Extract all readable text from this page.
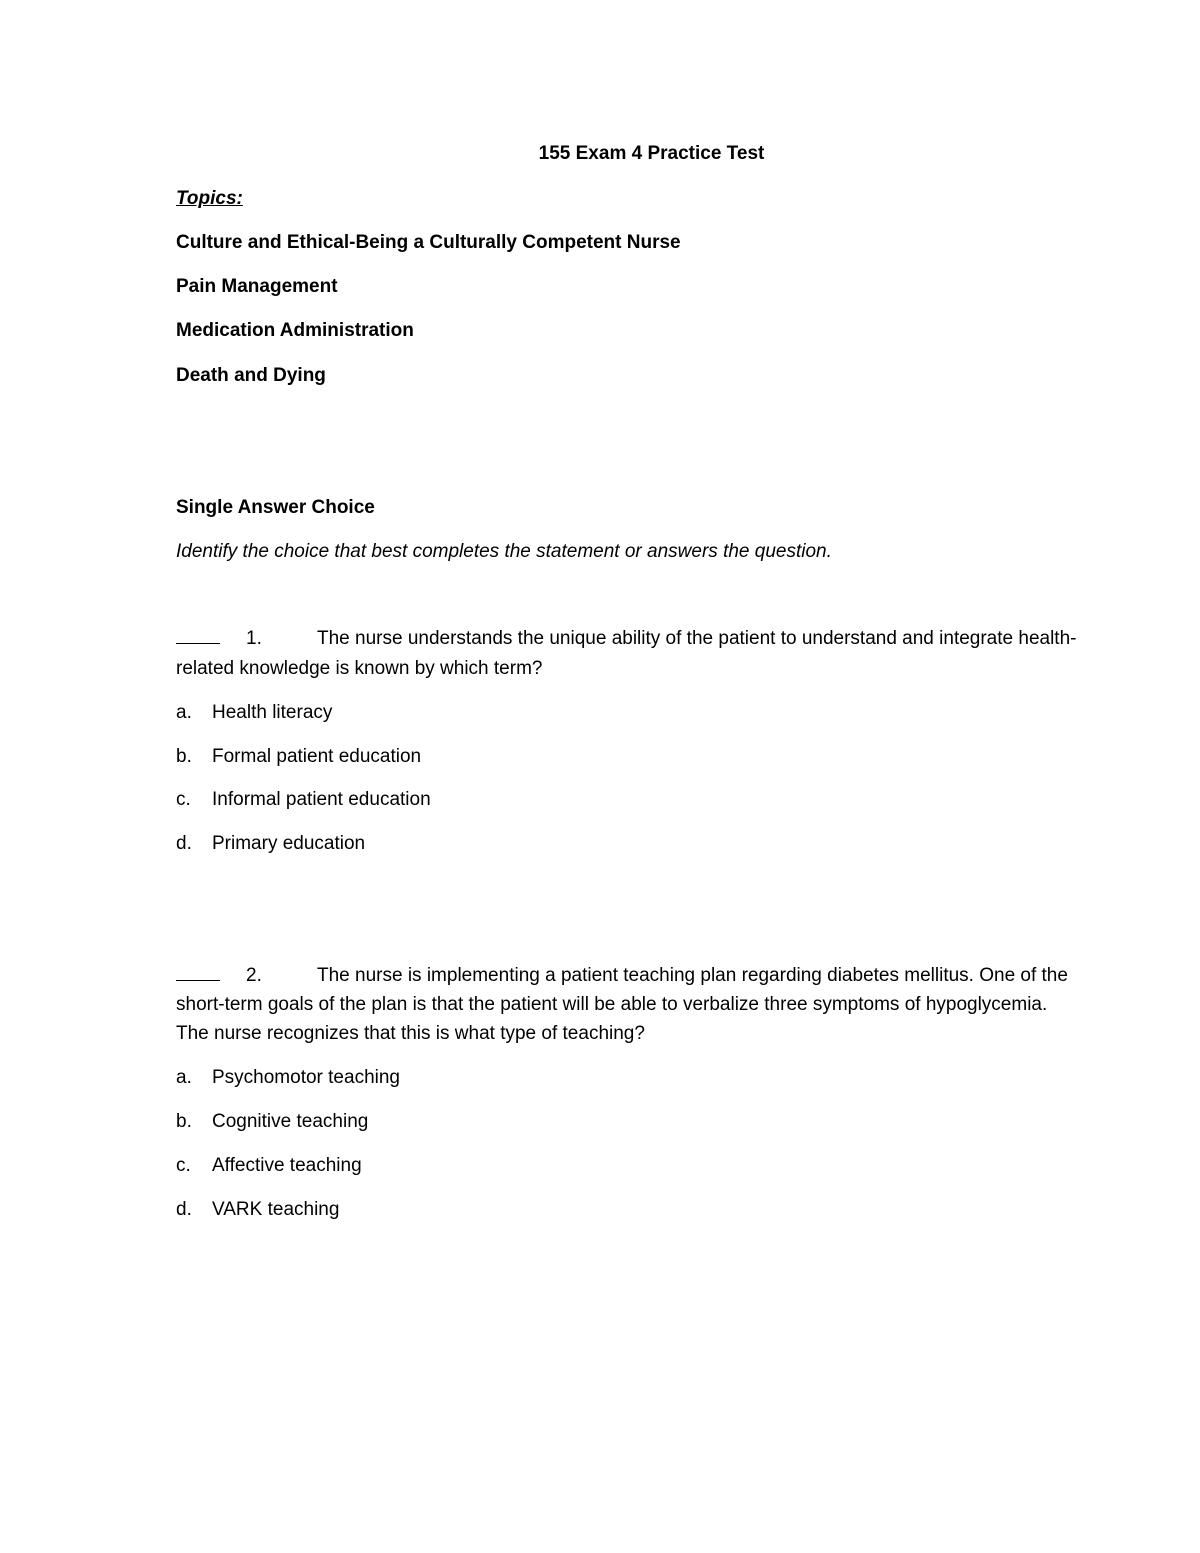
155 Exam 4 Practice Test
Topics:
Culture and Ethical-Being a Culturally Competent Nurse
Pain Management
Medication Administration
Death and Dying
Single Answer Choice
Identify the choice that best completes the statement or answers the question.
1.	The nurse understands the unique ability of the patient to understand and integrate health-
related knowledge is known by which term?
a. Health literacy
b. Formal patient education
c. Informal patient education
d. Primary education
2.	The nurse is implementing a patient teaching plan regarding diabetes mellitus. One of the
short-term goals of the plan is that the patient will be able to verbalize three symptoms of hypoglycemia.
The nurse recognizes that this is what type of teaching?
a. Psychomotor teaching
b. Cognitive teaching
c. Affective teaching
d. VARK teaching
